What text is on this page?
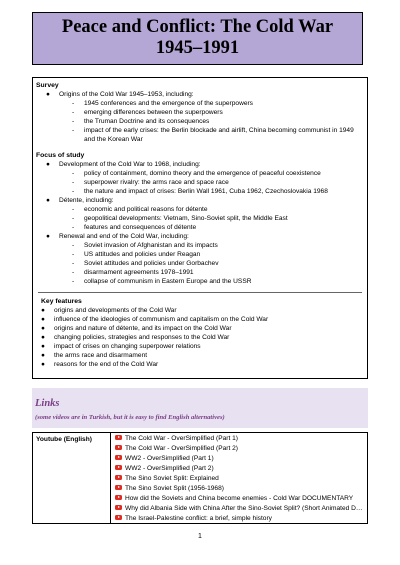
Peace and Conflict: The Cold War
1945–1991
Survey
● Origins of the Cold War 1945–1953, including:
- 1945 conferences and the emergence of the superpowers
- emerging differences between the superpowers
- the Truman Doctrine and its consequences
- impact of the early crises: the Berlin blockade and airlift, China becoming communist in 1949
and the Korean War
Focus of study
● Development of the Cold War to 1968, including:
- policy of containment, domino theory and the emergence of peaceful coexistence
- superpower rivalry: the arms race and space race
- the nature and impact of crises: Berlin Wall 1961, Cuba 1962, Czechoslovakia 1968
● Détente, including:
- economic and political reasons for détente
- geopolitical developments: Vietnam, Sino-Soviet split, the Middle East
- features and consequences of détente
● Renewal and end of the Cold War, including:
- Soviet invasion of Afghanistan and its impacts
- US attitudes and policies under Reagan
- Soviet attitudes and policies under Gorbachev
- disarmament agreements 1978–1991
- collapse of communism in Eastern Europe and the USSR
Key features
● origins and developments of the Cold War
● influence of the ideologies of communism and capitalism on the Cold War
● origins and nature of détente, and its impact on the Cold War
● changing policies, strategies and responses to the Cold War
● impact of crises on changing superpower relations
● the arms race and disarmament
● reasons for the end of the Cold War
Links
(some videos are in Turkish, but it is easy to find English alternatives)
Youtube (English)	The Cold War - OverSimplified (Part 1)
The Cold War - OverSimplified (Part 2)
WW2 - OverSimplified (Part 1)
WW2 - OverSimplified (Part 2)
The Sino Soviet Split: Explained
The Sino Soviet Split (1956-1968)
How did the Soviets and China become enemies - Cold War DOCUMENTARY
Why did Albania Side with China After the Sino-Soviet Split? (Short Animated D…
The Israel-Palestine conflict: a brief, simple history
1
